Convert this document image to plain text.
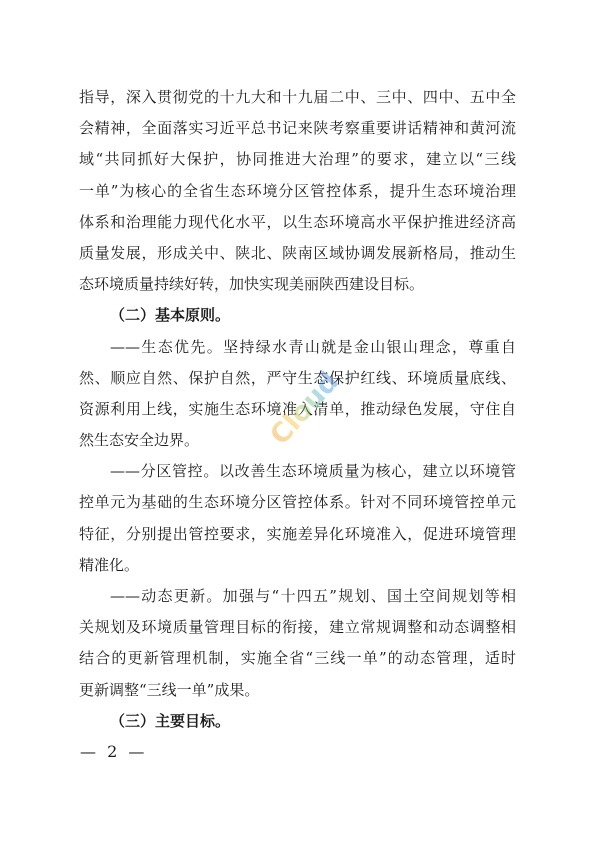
指导，深入贯彻党的十九大和十九届二中、三中、四中、五中全
会精神，全面落实习近平总书记来陕考察重要讲话精神和黄河流
域“共同抓好大保护，协同推进大治理”的要求，建立以“三线
一单”为核心的全省生态环境分区管控体系，提升生态环境治理
体系和治理能力现代化水平，以生态环境高水平保护推进经济高
质量发展，形成关中、陕北、陕南区域协调发展新格局，推动生
态环境质量持续好转，加快实现美丽陕西建设目标。
（二）基本原则。
——生态优先。坚持绿水青山就是金山银山理念，尊重自
然、顺应自然、保护自然，严守生态保护红线、环境质量底线、
资源利用上线，实施生态环境准入清单，推动绿色发展，守住自
然生态安全边界。
——分区管控。以改善生态环境质量为核心，建立以环境管
控单元为基础的生态环境分区管控体系。针对不同环境管控单元
特征，分别提出管控要求，实施差异化环境准入，促进环境管理
精准化。
——动态更新。加强与“十四五”规划、国土空间规划等相
关规划及环境质量管理目标的衔接，建立常规调整和动态调整相
结合的更新管理机制，实施全省“三线一单”的动态管理，适时
更新调整“三线一单”成果。
（三）主要目标。
— 2 —
Cloud
